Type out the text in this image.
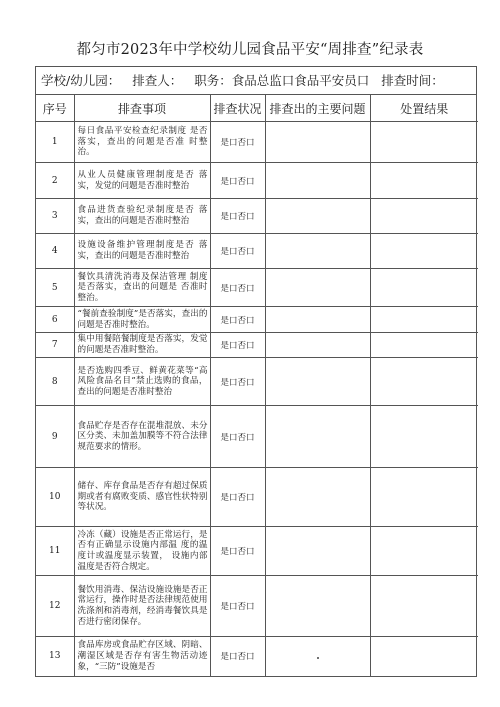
都匀市2023年中学校幼儿园食品平安“周排查”纪录表
学校/幼儿园： 排查人： 职务：食品总监口食品平安员口 排查时间：
序号	排查事项	排查状况	排查出的主要问题	处置结果
1	每日食品平安检查纪录制度 是否落实，查出的问题是否准 时整治。	是口否口		
2	从业人员健康管理制度是否 落实，发觉的问题是否准时整治	是口否口		
3	食品进货查验纪录制度是否 落实，查出的问题是否准时整治	是口否口		
4	设施设备维护管理制度是否 落实，查出的问题是否准时整治	是口否口		
5	餐饮具清洗消毒及保洁管理 制度是否落实，查出的问题是 否准时整治。	是口否口		
6	“餐前查验制度”是否落实，查出的问题是否准时整治。	是口否口		
7	集中用餐陪餐制度是否落实，发觉的问题是否准时整治。	是口否口		
8	是否选购四季豆、鲜黄花菜等“高风险食品名目”禁止选购的食品，查出的问题是否准时整治	是口否口		
9	食品贮存是否存在混堆混放、未分区分类、未加盖加膜等不符合法律规范要求的情形。	是口否口		
10	储存、库存食品是否存有超过保质期或者有腐败变质、感官性状特别等状况。	是口否口		
11	冷冻（藏）设施是否正常运行，是否有正确显示设施内部温 度的温度计或温度显示装置， 设施内部温度是否符合规定。	是口否口		
12	餐饮用消毒、保洁设施设施是否正常运行，操作时是否法律规范使用洗涤剂和消毒剂，经消毒餐饮具是否进行密闭保存。	是口否口		
13	食品库房或食品贮存区域、阴暗、潮湿区域是否存有害生物活动迹象，“三防”设施是否	是口否口		
